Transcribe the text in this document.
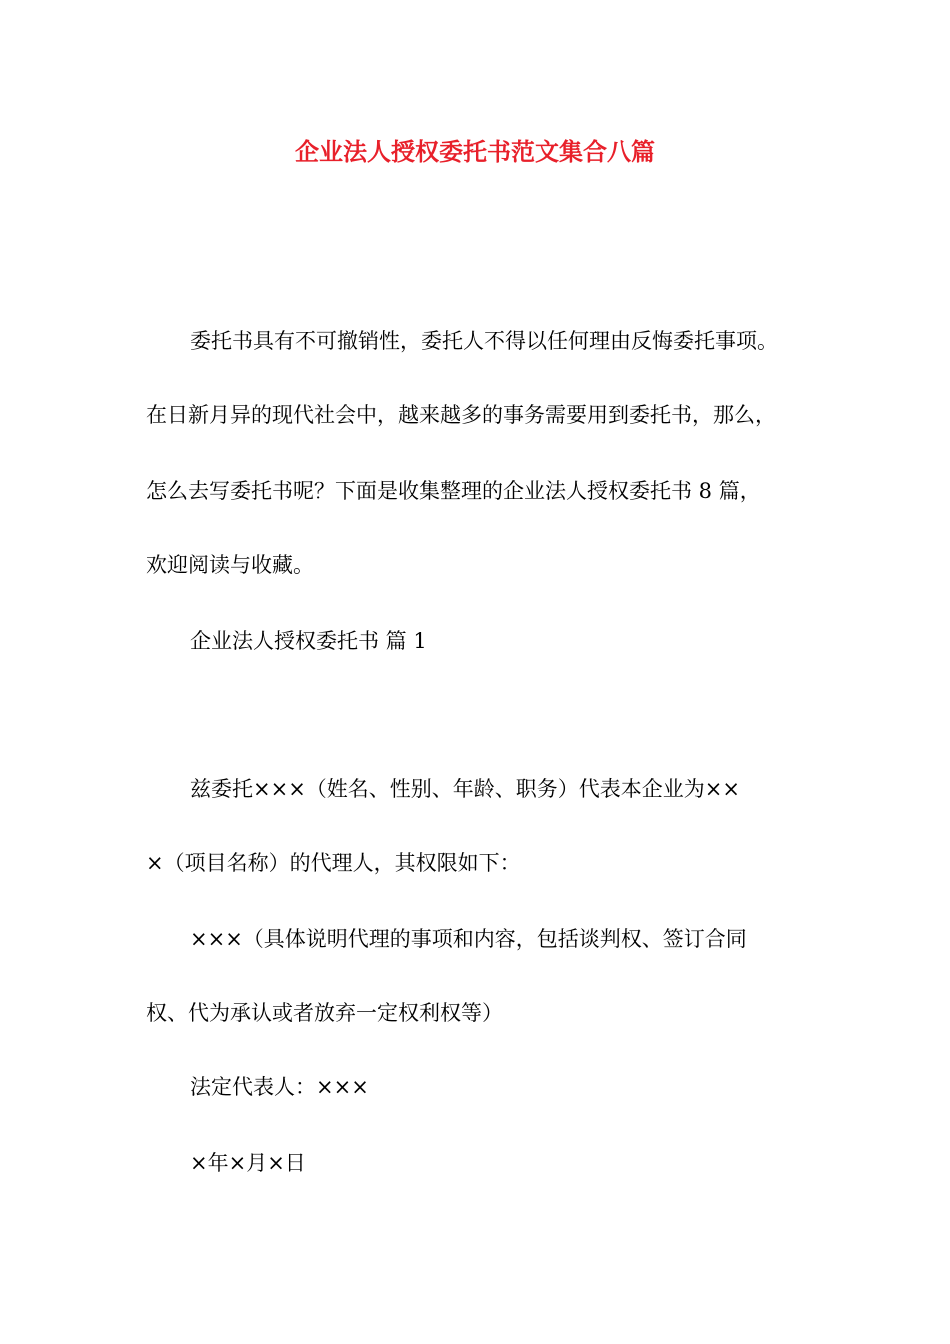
企业法人授权委托书范文集合八篇
委托书具有不可撤销性，委托人不得以任何理由反悔委托事项。
在日新月异的现代社会中，越来越多的事务需要用到委托书，那么，
怎么去写委托书呢？下面是收集整理的企业法人授权委托书 8 篇，
欢迎阅读与收藏。
企业法人授权委托书 篇 1
兹委托×××（姓名、性别、年龄、职务）代表本企业为××
×（项目名称）的代理人，其权限如下：
×××（具体说明代理的事项和内容，包括谈判权、签订合同
权、代为承认或者放弃一定权利权等）
法定代表人：×××
×年×月×日
